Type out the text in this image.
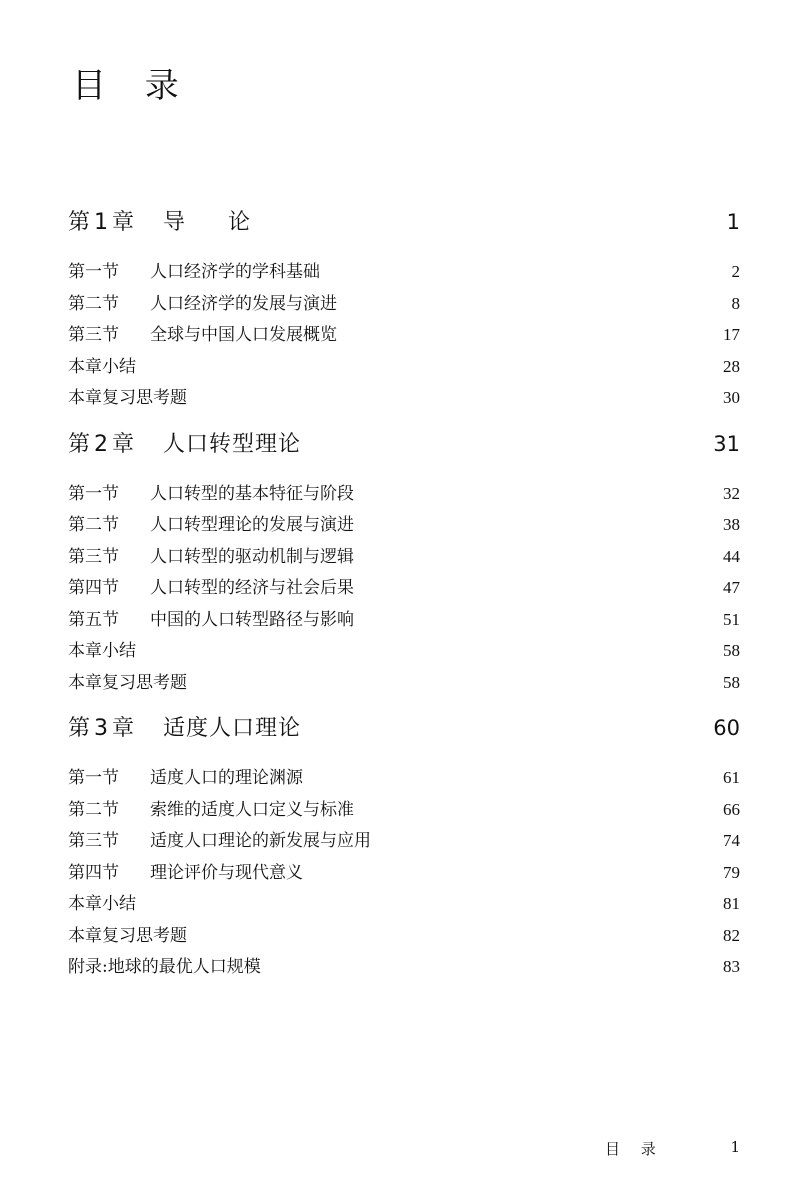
目 录
第 1 章 导 论	1
第一节 人口经济学的学科基础	2
第二节 人口经济学的发展与演进	8
第三节 全球与中国人口发展概览	17
本章小结	28
本章复习思考题	30
第 2 章 人口转型理论	31
第一节 人口转型的基本特征与阶段	32
第二节 人口转型理论的发展与演进	38
第三节 人口转型的驱动机制与逻辑	44
第四节 人口转型的经济与社会后果	47
第五节 中国的人口转型路径与影响	51
本章小结	58
本章复习思考题	58
第 3 章 适度人口理论	60
第一节 适度人口的理论渊源	61
第二节 索维的适度人口定义与标准	66
第三节 适度人口理论的新发展与应用	74
第四节 理论评价与现代意义	79
本章小结	81
本章复习思考题	82
附录:地球的最优人口规模	83
目 录	1
